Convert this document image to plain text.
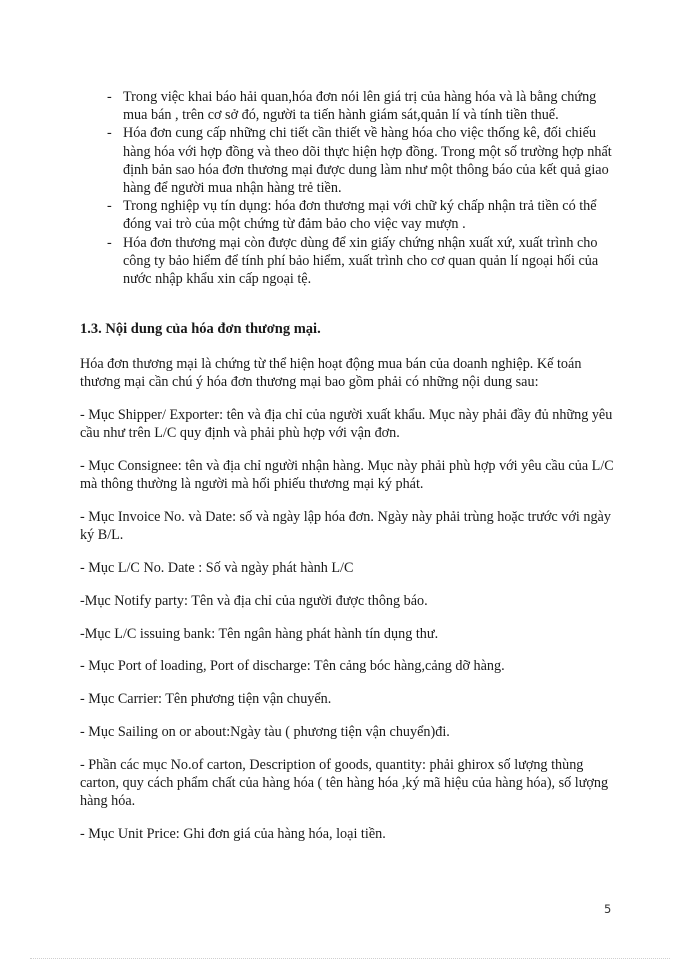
- Trong việc khai báo hải quan,hóa đơn nói lên giá trị của hàng hóa và là bằng chứng mua bán , trên cơ sở đó, người ta tiến hành giám sát,quản lí và tính tiền thuế.
- Hóa đơn cung cấp những chi tiết cần thiết về hàng hóa cho việc thống kê, đối chiếu hàng hóa với hợp đồng và theo dõi thực hiện hợp đồng. Trong một số trường hợp nhất định bản sao hóa đơn thương mại được dung làm như một thông báo của kết quả giao hàng để người mua nhận hàng trẻ tiền.
- Trong nghiệp vụ tín dụng: hóa đơn thương mại với chữ ký chấp nhận trả tiền có thể đóng vai trò của một chứng từ đảm bảo cho việc vay mượn .
- Hóa đơn thương mại còn được dùng để xin giấy chứng nhận xuất xứ, xuất trình cho công ty bảo hiểm để tính phí bảo hiểm, xuất trình cho cơ quan quản lí ngoại hối của nước nhập khẩu xin cấp ngoại tệ.
1.3. Nội dung của hóa đơn thương mại.

Hóa đơn thương mại là chứng từ thể hiện hoạt động mua bán của doanh nghiệp. Kế toán thương mại cần chú ý hóa đơn thương mại bao gồm phải có những nội dung sau:

- Mục Shipper/ Exporter: tên và địa chỉ của người xuất khẩu. Mục này phải đầy đủ những yêu cầu như trên L/C quy định và phải phù hợp với vận đơn.

- Mục Consignee: tên và địa chỉ người nhận hàng. Mục này phải phù hợp với yêu cầu của L/C mà thông thường là người mà hối phiếu thương mại ký phát.

- Mục Invoice No. và Date: số và ngày lập hóa đơn. Ngày này phải trùng hoặc trước với ngày ký B/L.

- Mục L/C No. Date : Số và ngày phát hành L/C

-Mục Notify party: Tên và địa chỉ của người được thông báo.

-Mục L/C issuing bank: Tên ngân hàng phát hành tín dụng thư.

- Mục Port of loading, Port of discharge: Tên cảng bóc hàng,cảng dỡ hàng.

- Mục Carrier: Tên phương tiện vận chuyển.

- Mục Sailing on or about:Ngày tàu ( phương tiện vận chuyển)đi.

- Phần các mục No.of carton, Description of goods, quantity: phải ghirox số lượng thùng carton, quy cách phẩm chất của hàng hóa ( tên hàng hóa ,ký mã hiệu của hàng hóa), số lượng hàng hóa.

- Mục Unit Price: Ghi đơn giá của hàng hóa, loại tiền.

5
